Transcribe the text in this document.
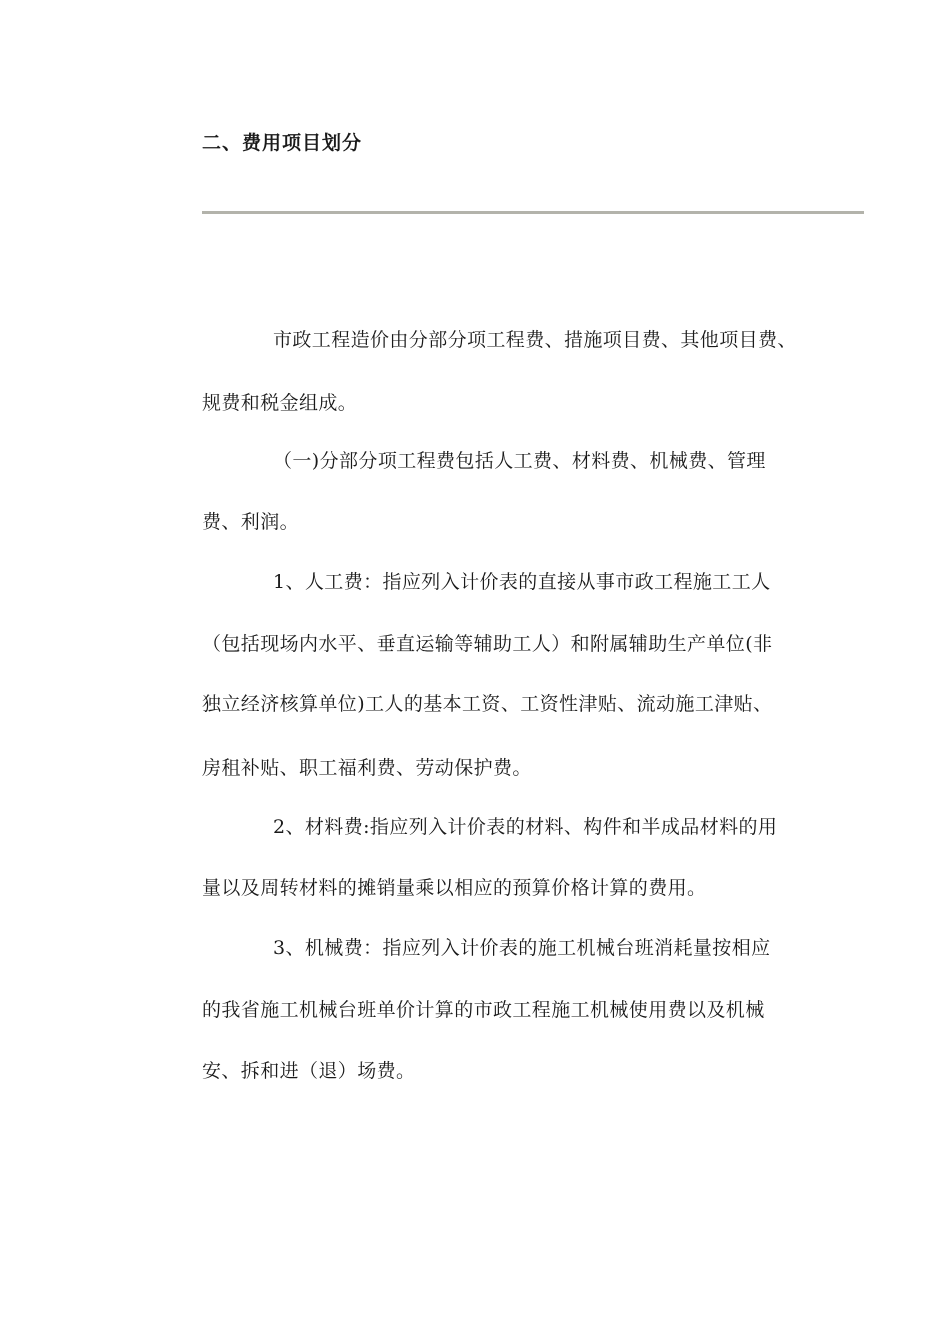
二、费用项目划分
市政工程造价由分部分项工程费、措施项目费、其他项目费、
规费和税金组成。
（一)分部分项工程费包括人工费、材料费、机械费、管理
费、利润。
1、人工费：指应列入计价表的直接从事市政工程施工工人
（包括现场内水平、垂直运输等辅助工人）和附属辅助生产单位(非
独立经济核算单位)工人的基本工资、工资性津贴、流动施工津贴、
房租补贴、职工福利费、劳动保护费。
2、材料费:指应列入计价表的材料、构件和半成品材料的用
量以及周转材料的摊销量乘以相应的预算价格计算的费用。
3、机械费：指应列入计价表的施工机械台班消耗量按相应
的我省施工机械台班单价计算的市政工程施工机械使用费以及机械
安、拆和进（退）场费。
